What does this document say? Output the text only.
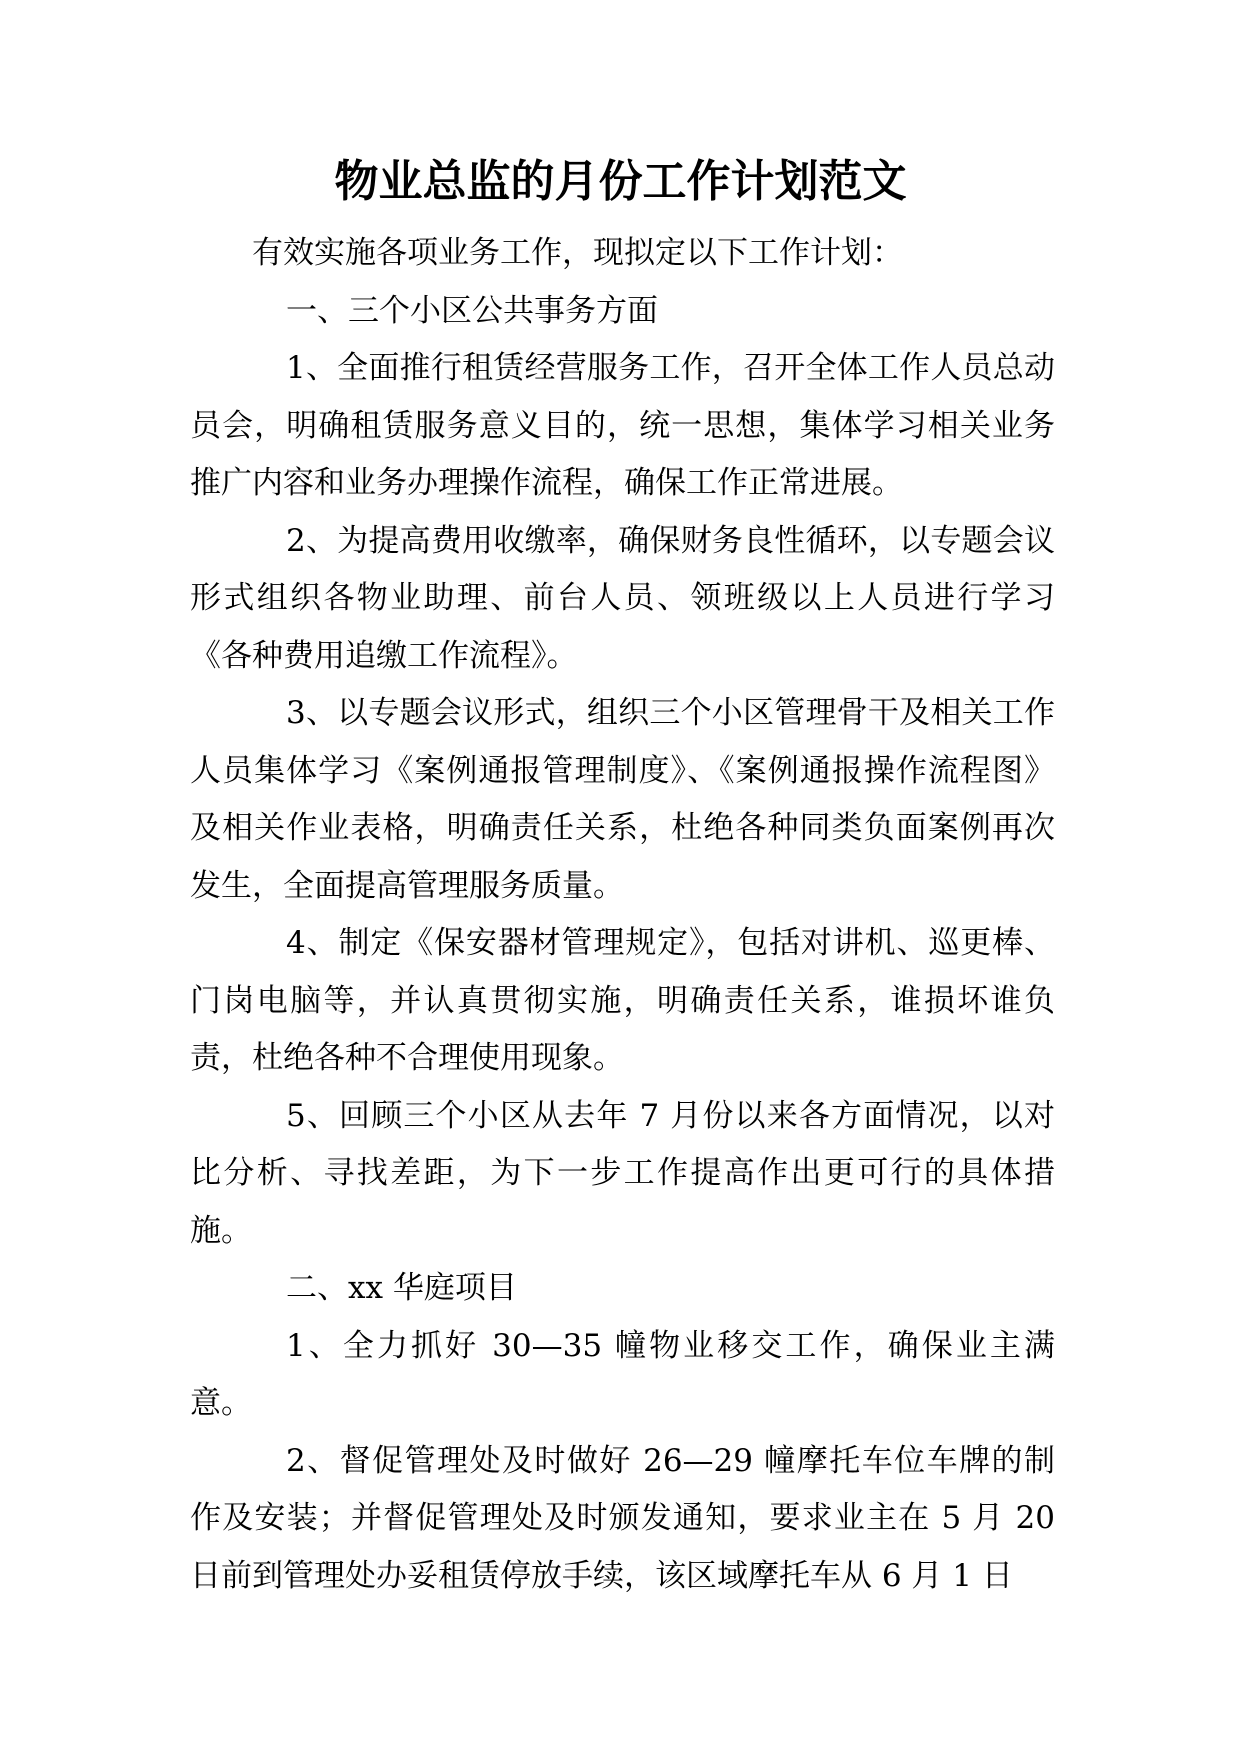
物业总监的月份工作计划范文

有效实施各项业务工作，现拟定以下工作计划：

一、三个小区公共事务方面

1、全面推行租赁经营服务工作，召开全体工作人员总动员会，明确租赁服务意义目的，统一思想，集体学习相关业务推广内容和业务办理操作流程，确保工作正常进展。

2、为提高费用收缴率，确保财务良性循环，以专题会议形式组织各物业助理、前台人员、领班级以上人员进行学习《各种费用追缴工作流程》。

3、以专题会议形式，组织三个小区管理骨干及相关工作人员集体学习《案例通报管理制度》、《案例通报操作流程图》及相关作业表格，明确责任关系，杜绝各种同类负面案例再次发生，全面提高管理服务质量。

4、制定《保安器材管理规定》，包括对讲机、巡更棒、门岗电脑等，并认真贯彻实施，明确责任关系，谁损坏谁负责，杜绝各种不合理使用现象。

5、回顾三个小区从去年 7 月份以来各方面情况，以对比分析、寻找差距，为下一步工作提高作出更可行的具体措施。

二、xx 华庭项目

1、全力抓好 30—35 幢物业移交工作，确保业主满意。

2、督促管理处及时做好 26—29 幢摩托车位车牌的制作及安装；并督促管理处及时颁发通知，要求业主在 5 月 20 日前到管理处办妥租赁停放手续，该区域摩托车从 6 月 1 日
